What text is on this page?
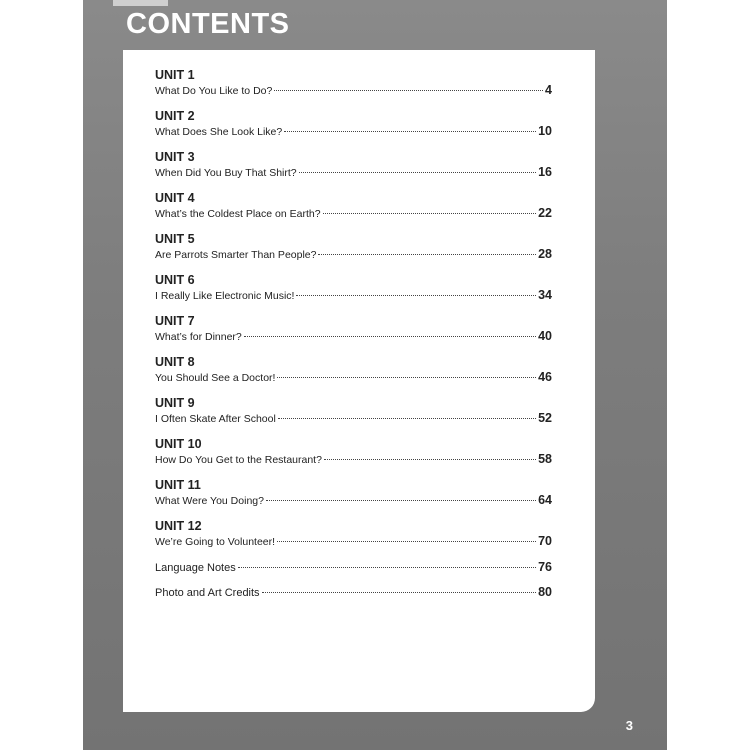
CONTENTS
UNIT 1
What Do You Like to Do?	4
UNIT 2
What Does She Look Like?	10
UNIT 3
When Did You Buy That Shirt?	16
UNIT 4
What’s the Coldest Place on Earth?	22
UNIT 5
Are Parrots Smarter Than People?	28
UNIT 6
I Really Like Electronic Music!	34
UNIT 7
What’s for Dinner?	40
UNIT 8
You Should See a Doctor!	46
UNIT 9
I Often Skate After School	52
UNIT 10
How Do You Get to the Restaurant?	58
UNIT 11
What Were You Doing?	64
UNIT 12
We’re Going to Volunteer!	70
Language Notes	76
Photo and Art Credits	80
3
